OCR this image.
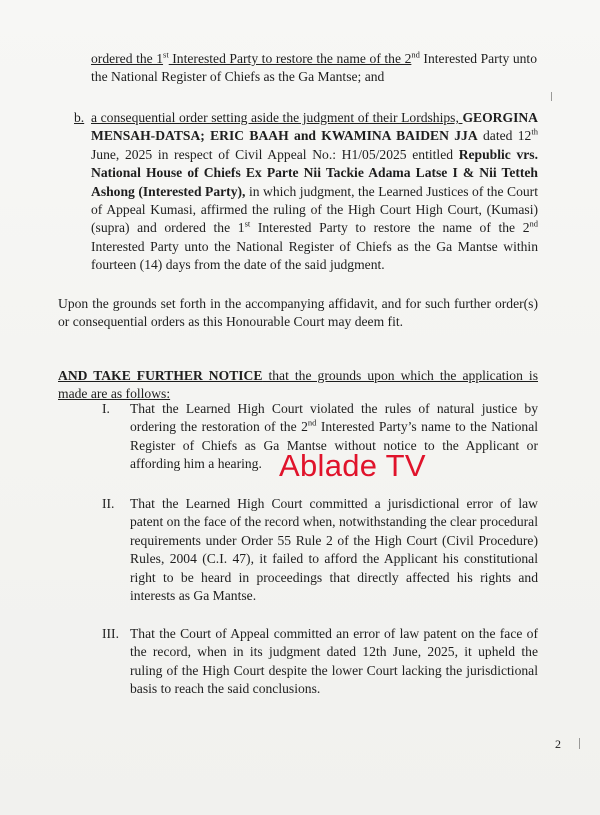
ordered the 1st Interested Party to restore the name of the 2nd Interested Party unto the National Register of Chiefs as the Ga Mantse; and
b. a consequential order setting aside the judgment of their Lordships, GEORGINA MENSAH-DATSA; ERIC BAAH and KWAMINA BAIDEN JJA dated 12th June, 2025 in respect of Civil Appeal No.: H1/05/2025 entitled Republic vrs. National House of Chiefs Ex Parte Nii Tackie Adama Latse I & Nii Tetteh Ashong (Interested Party), in which judgment, the Learned Justices of the Court of Appeal Kumasi, affirmed the ruling of the High Court High Court, (Kumasi)(supra) and ordered the 1st Interested Party to restore the name of the 2nd Interested Party unto the National Register of Chiefs as the Ga Mantse within fourteen (14) days from the date of the said judgment.
Upon the grounds set forth in the accompanying affidavit, and for such further order(s) or consequential orders as this Honourable Court may deem fit.
AND TAKE FURTHER NOTICE that the grounds upon which the application is made are as follows:
I.	That the Learned High Court violated the rules of natural justice by ordering the restoration of the 2nd Interested Party’s name to the National Register of Chiefs as Ga Mantse without notice to the Applicant or affording him a hearing.
II.	That the Learned High Court committed a jurisdictional error of law patent on the face of the record when, notwithstanding the clear procedural requirements under Order 55 Rule 2 of the High Court (Civil Procedure) Rules, 2004 (C.I. 47), it failed to afford the Applicant his constitutional right to be heard in proceedings that directly affected his rights and interests as Ga Mantse.
III. That the Court of Appeal committed an error of law patent on the face of the record, when in its judgment dated 12th June, 2025, it upheld the ruling of the High Court despite the lower Court lacking the jurisdictional basis to reach the said conclusions.
Ablade TV
2
